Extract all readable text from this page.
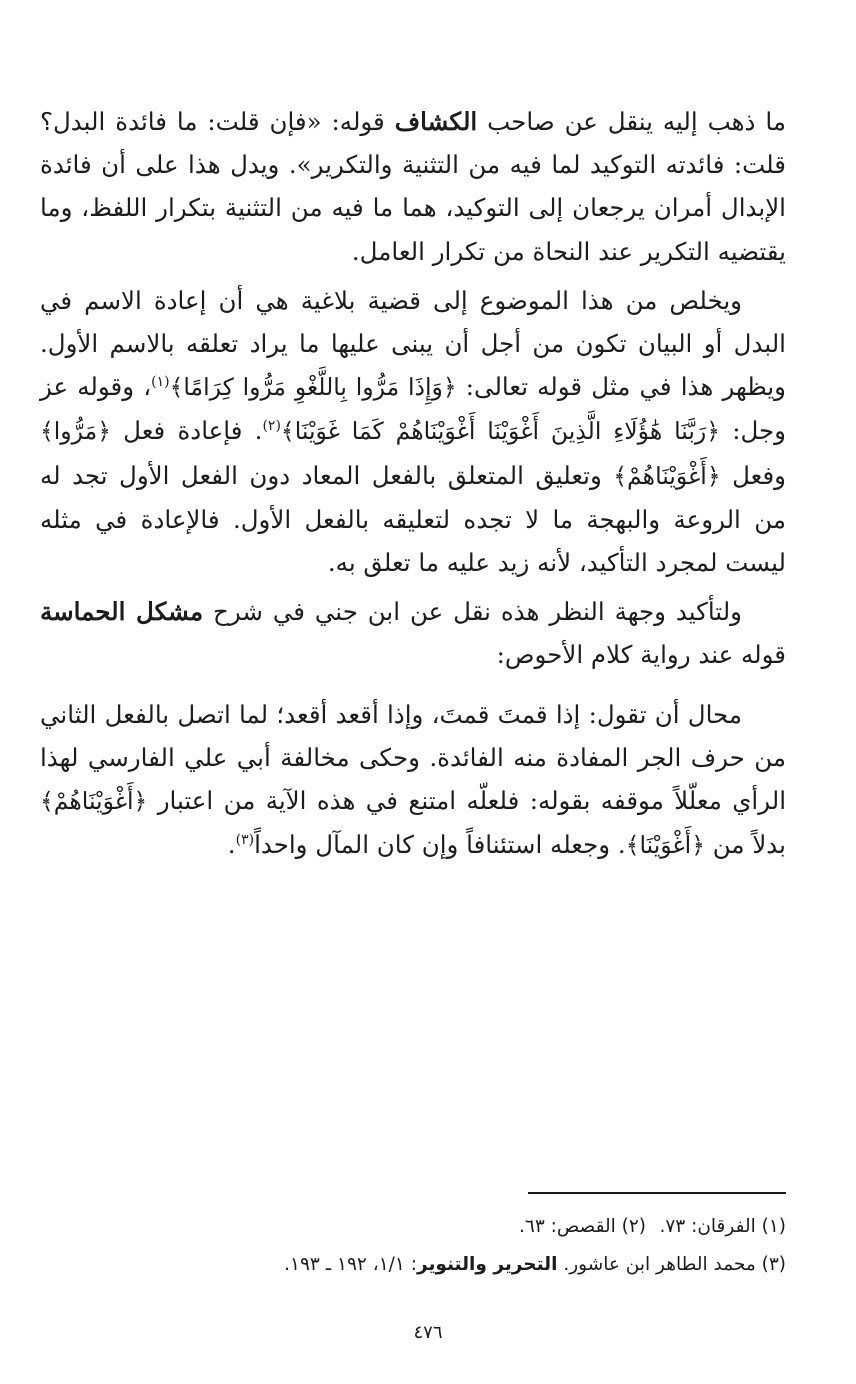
ما ذهب إليه ينقل عن صاحب الكشاف قوله: «فإن قلت: ما فائدة البدل؟ قلت: فائدته التوكيد لما فيه من التثنية والتكرير». ويدل هذا على أن فائدة الإبدال أمران يرجعان إلى التوكيد، هما ما فيه من التثنية بتكرار اللفظ، وما يقتضيه التكرير عند النحاة من تكرار العامل.

ويخلص من هذا الموضوع إلى قضية بلاغية هي أن إعادة الاسم في البدل أو البيان تكون من أجل أن يبنى عليها ما يراد تعلقه بالاسم الأول. ويظهر هذا في مثل قوله تعالى: ﴿وَإِذَا مَرُّوا بِاللَّغْوِ مَرُّوا كِرَامًا﴾$^{(١)}$، وقوله عز وجل: ﴿رَبَّنَا هَٰؤُلَاءِ الَّذِينَ أَغْوَيْنَا أَغْوَيْنَاهُمْ كَمَا غَوَيْنَا﴾$^{(٢)}$. فإعادة فعل ﴿مَرُّوا﴾ وفعل ﴿أَغْوَيْنَاهُمْ﴾ وتعليق المتعلق بالفعل المعاد دون الفعل الأول تجد له من الروعة والبهجة ما لا تجده لتعليقه بالفعل الأول. فالإعادة في مثله ليست لمجرد التأكيد، لأنه زيد عليه ما تعلق به.

ولتأكيد وجهة النظر هذه نقل عن ابن جني في شرح مشكل الحماسة قوله عند رواية كلام الأحوص:

محال أن تقول: إذا قمتَ قمتَ، وإذا أقعد أقعد؛ لما اتصل بالفعل الثاني من حرف الجر المفادة منه الفائدة. وحكى مخالفة أبي علي الفارسي لهذا الرأي معلّلاً موقفه بقوله: فلعلّه امتنع في هذه الآية من اعتبار ﴿أَغْوَيْنَاهُمْ﴾ بدلاً من ﴿أَغْوَيْنَا﴾. وجعله استئنافاً وإن كان المآل واحداً$^{(٣)}$.

(١) الفرقان: ٧٣.
(٢) القصص: ٦٣.
(٣) محمد الطاهر ابن عاشور. التحرير والتنوير: ١/١، ١٩٢ ـ ١٩٣.
٤٧٦
